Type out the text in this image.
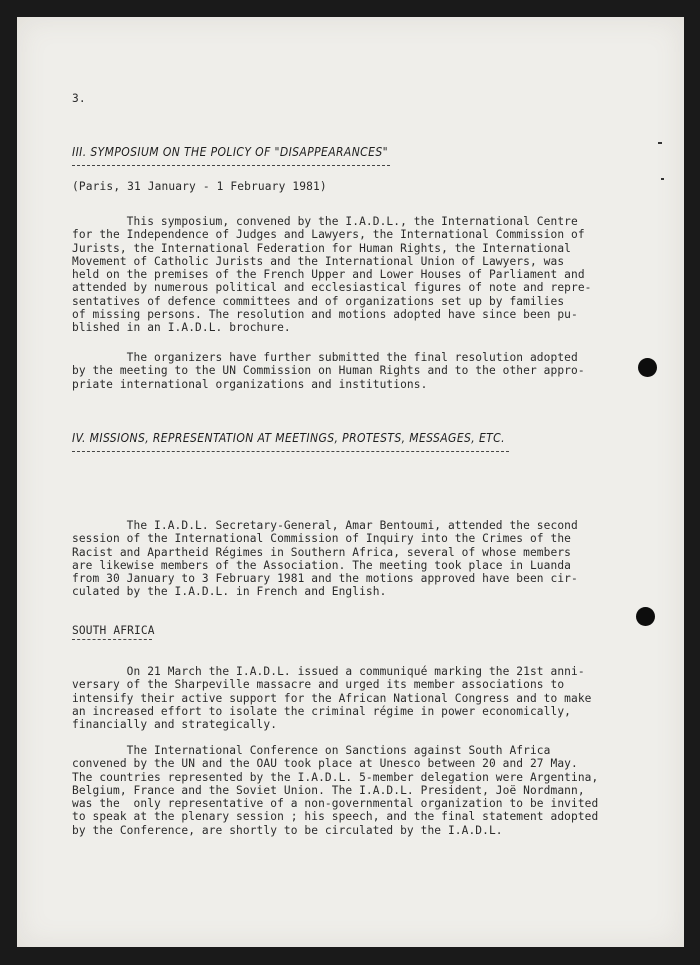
3.
III. SYMPOSIUM ON THE POLICY OF "DISAPPEARANCES"
(Paris, 31 January - 1 February 1981)
This symposium, convened by the I.A.D.L., the International Centre
for the Independence of Judges and Lawyers, the International Commission of
Jurists, the International Federation for Human Rights, the International
Movement of Catholic Jurists and the International Union of Lawyers, was
held on the premises of the French Upper and Lower Houses of Parliament and
attended by numerous political and ecclesiastical figures of note and repre-
sentatives of defence committees and of organizations set up by families
of missing persons. The resolution and motions adopted have since been pu-
blished in an I.A.D.L. brochure.
The organizers have further submitted the final resolution adopted
by the meeting to the UN Commission on Human Rights and to the other appro-
priate international organizations and institutions.
IV. MISSIONS, REPRESENTATION AT MEETINGS, PROTESTS, MESSAGES, ETC.
The I.A.D.L. Secretary-General, Amar Bentoumi, attended the second
session of the International Commission of Inquiry into the Crimes of the
Racist and Apartheid Régimes in Southern Africa, several of whose members
are likewise members of the Association. The meeting took place in Luanda
from 30 January to 3 February 1981 and the motions approved have been cir-
culated by the I.A.D.L. in French and English.
SOUTH AFRICA
On 21 March the I.A.D.L. issued a communiqué marking the 21st anni-
versary of the Sharpeville massacre and urged its member associations to
intensify their active support for the African National Congress and to make
an increased effort to isolate the criminal régime in power economically,
financially and strategically.
The International Conference on Sanctions against South Africa
convened by the UN and the OAU took place at Unesco between 20 and 27 May.
The countries represented by the I.A.D.L. 5-member delegation were Argentina,
Belgium, France and the Soviet Union. The I.A.D.L. President, Joë Nordmann,
was the  only representative of a non-governmental organization to be invited
to speak at the plenary session ; his speech, and the final statement adopted
by the Conference, are shortly to be circulated by the I.A.D.L.
